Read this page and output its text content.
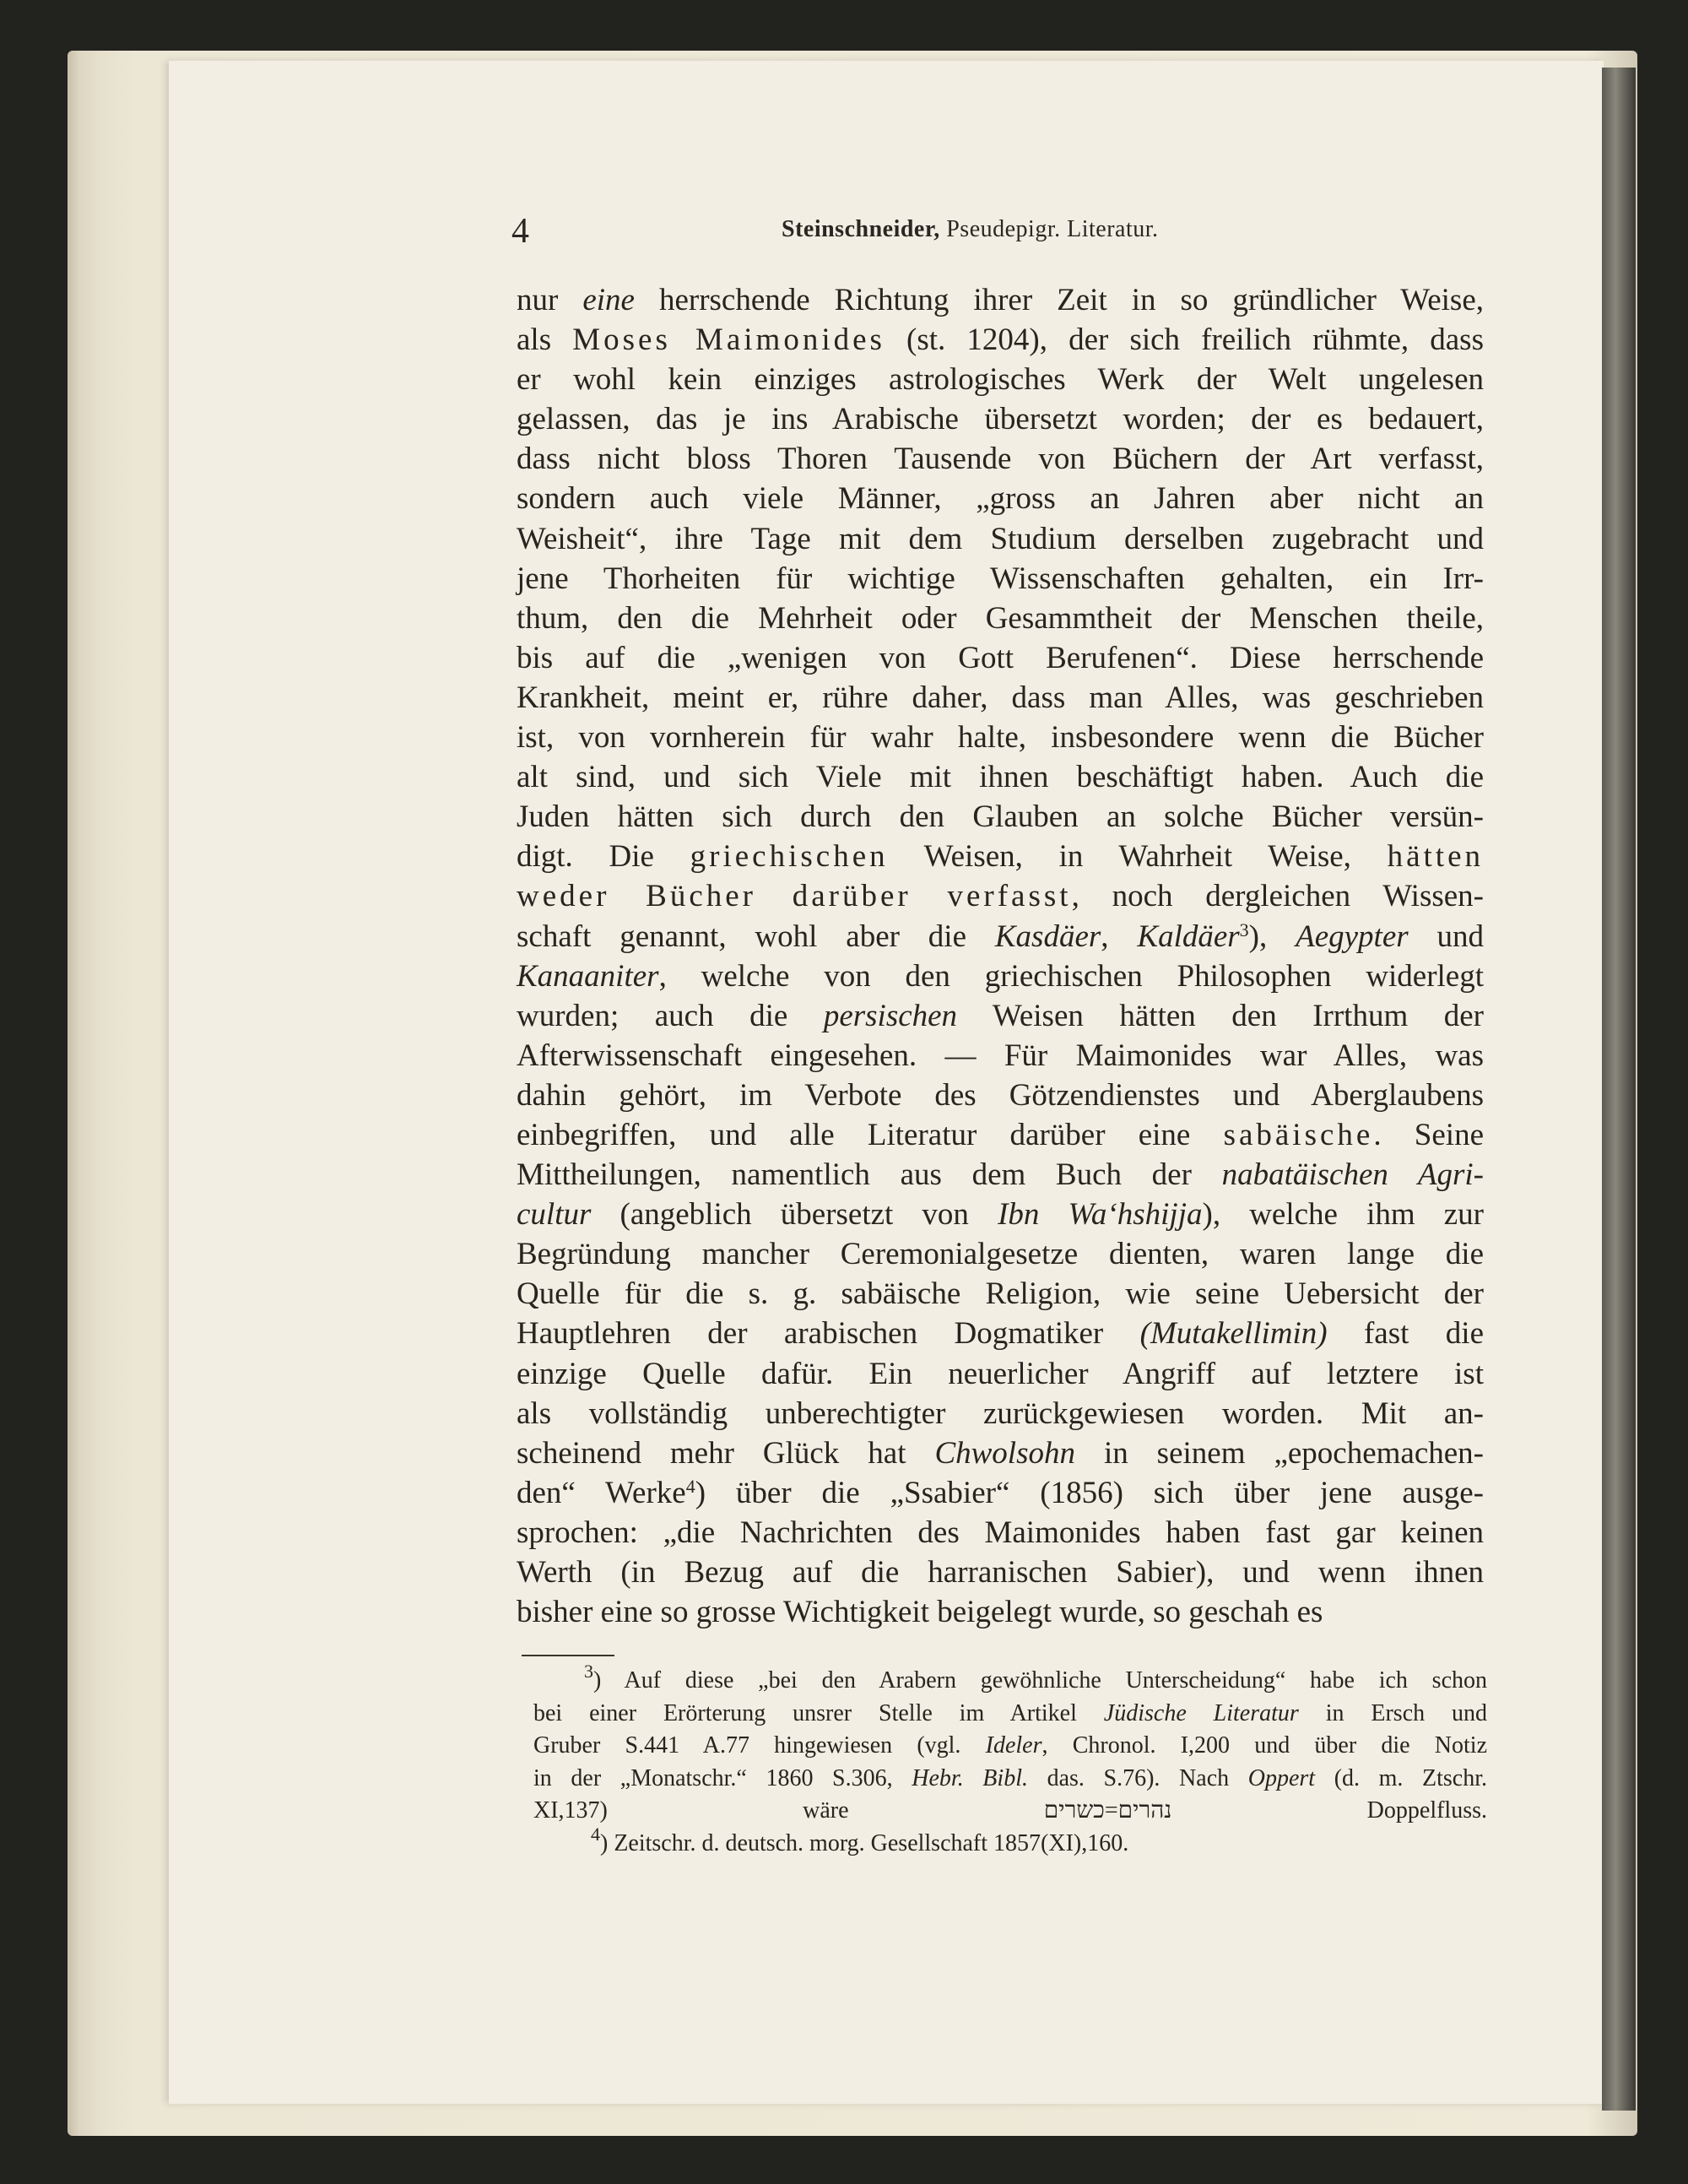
4	Steinschneider, Pseudepigr. Literatur.
nur eine herrschende Richtung ihrer Zeit in so gründlicher Weise,
als Moses Maimonides (st. 1204), der sich freilich rühmte, dass
er wohl kein einziges astrologisches Werk der Welt ungelesen
gelassen, das je ins Arabische übersetzt worden; der es bedauert,
dass nicht bloss Thoren Tausende von Büchern der Art verfasst,
sondern auch viele Männer, „gross an Jahren aber nicht an
Weisheit“, ihre Tage mit dem Studium derselben zugebracht und
jene Thorheiten für wichtige Wissenschaften gehalten, ein Irr-
thum, den die Mehrheit oder Gesammtheit der Menschen theile,
bis auf die „wenigen von Gott Berufenen“. Diese herrschende
Krankheit, meint er, rühre daher, dass man Alles, was geschrieben
ist, von vornherein für wahr halte, insbesondere wenn die Bücher
alt sind, und sich Viele mit ihnen beschäftigt haben. Auch die
Juden hätten sich durch den Glauben an solche Bücher versün-
digt. Die griechischen Weisen, in Wahrheit Weise, hätten
weder Bücher darüber verfasst, noch dergleichen Wissen-
schaft genannt, wohl aber die Kasdäer, Kaldäer$^3$), Aegypter und
Kanaaniter, welche von den griechischen Philosophen widerlegt
wurden; auch die persischen Weisen hätten den Irrthum der
Afterwissenschaft eingesehen. — Für Maimonides war Alles, was
dahin gehört, im Verbote des Götzendienstes und Aberglaubens
einbegriffen, und alle Literatur darüber eine sabäische. Seine
Mittheilungen, namentlich aus dem Buch der nabatäischen Agri-
cultur (angeblich übersetzt von Ibn Wa‘hshijja), welche ihm zur
Begründung mancher Ceremonialgesetze dienten, waren lange die
Quelle für die s. g. sabäische Religion, wie seine Uebersicht der
Hauptlehren der arabischen Dogmatiker (Mutakellimin) fast die
einzige Quelle dafür. Ein neuerlicher Angriff auf letztere ist
als vollständig unberechtigter zurückgewiesen worden. Mit an-
scheinend mehr Glück hat Chwolsohn in seinem „epochemachen-
den“ Werke$^4$) über die „Ssabier“ (1856) sich über jene ausge-
sprochen: „die Nachrichten des Maimonides haben fast gar keinen
Werth (in Bezug auf die harranischen Sabier), und wenn ihnen
bisher eine so grosse Wichtigkeit beigelegt wurde, so geschah es
$^3$) Auf diese „bei den Arabern gewöhnliche Unterscheidung“ habe ich schon
bei einer Erörterung unsrer Stelle im Artikel Jüdische Literatur in Ersch und
Gruber S.441 A.77 hingewiesen (vgl. Ideler, Chronol. I,200 und über die Notiz
in der „Monatschr.“ 1860 S.306, Hebr. Bibl. das. S.76). Nach Oppert (d. m. Ztschr.
XI,137) wäre נהרים=כשרים Doppelfluss.
$^4$) Zeitschr. d. deutsch. morg. Gesellschaft 1857(XI),160.
